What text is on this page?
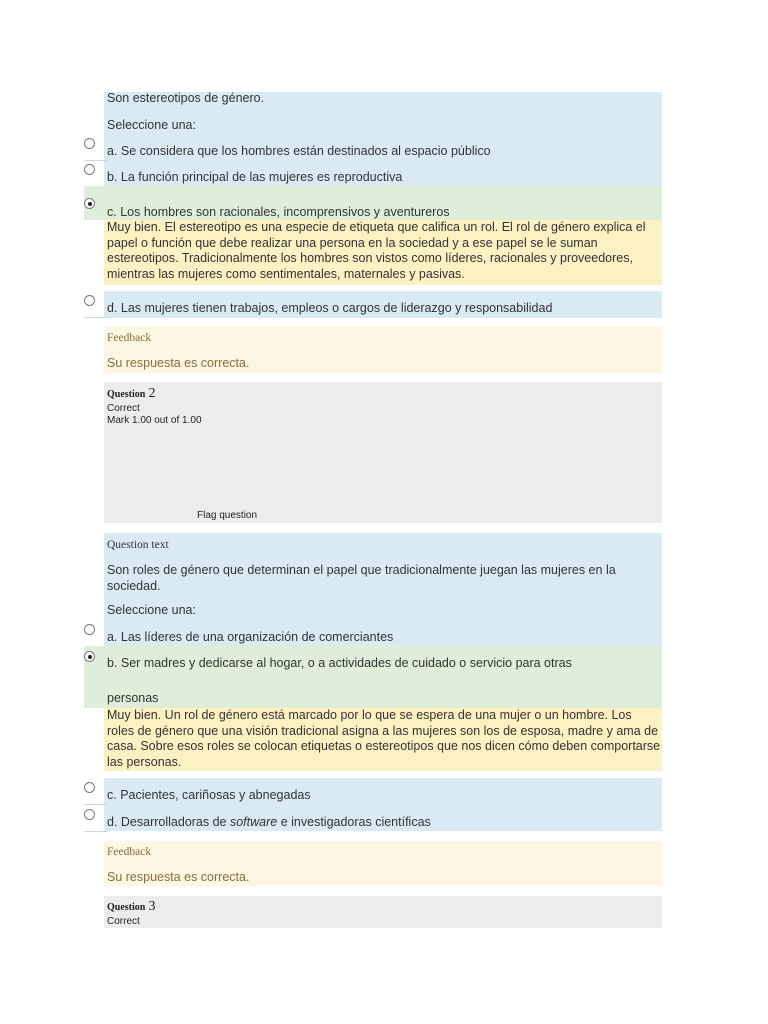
Son estereotipos de género.
Seleccione una:
a. Se considera que los hombres están destinados al espacio público
b. La función principal de las mujeres es reproductiva
c. Los hombres son racionales, incomprensivos y aventureros
Muy bien. El estereotipo es una especie de etiqueta que califica un rol. El rol de género explica el papel o función que debe realizar una persona en la sociedad y a ese papel se le suman estereotipos. Tradicionalmente los hombres son vistos como líderes, racionales y proveedores, mientras las mujeres como sentimentales, maternales y pasivas.
d. Las mujeres tienen trabajos, empleos o cargos de liderazgo y responsabilidad
Feedback
Su respuesta es correcta.
Question 2
Correct
Mark 1.00 out of 1.00
Flag question
Question text
Son roles de género que determinan el papel que tradicionalmente juegan las mujeres en la sociedad.
Seleccione una:
a. Las líderes de una organización de comerciantes
b. Ser madres y dedicarse al hogar, o a actividades de cuidado o servicio para otras
personas
Muy bien. Un rol de género está marcado por lo que se espera de una mujer o un hombre. Los roles de género que una visión tradicional asigna a las mujeres son los de esposa, madre y ama de casa. Sobre esos roles se colocan etiquetas o estereotipos que nos dicen cómo deben comportarse las personas.
c. Pacientes, cariñosas y abnegadas
d. Desarrolladoras de software e investigadoras científicas
Feedback
Su respuesta es correcta.
Question 3
Correct
